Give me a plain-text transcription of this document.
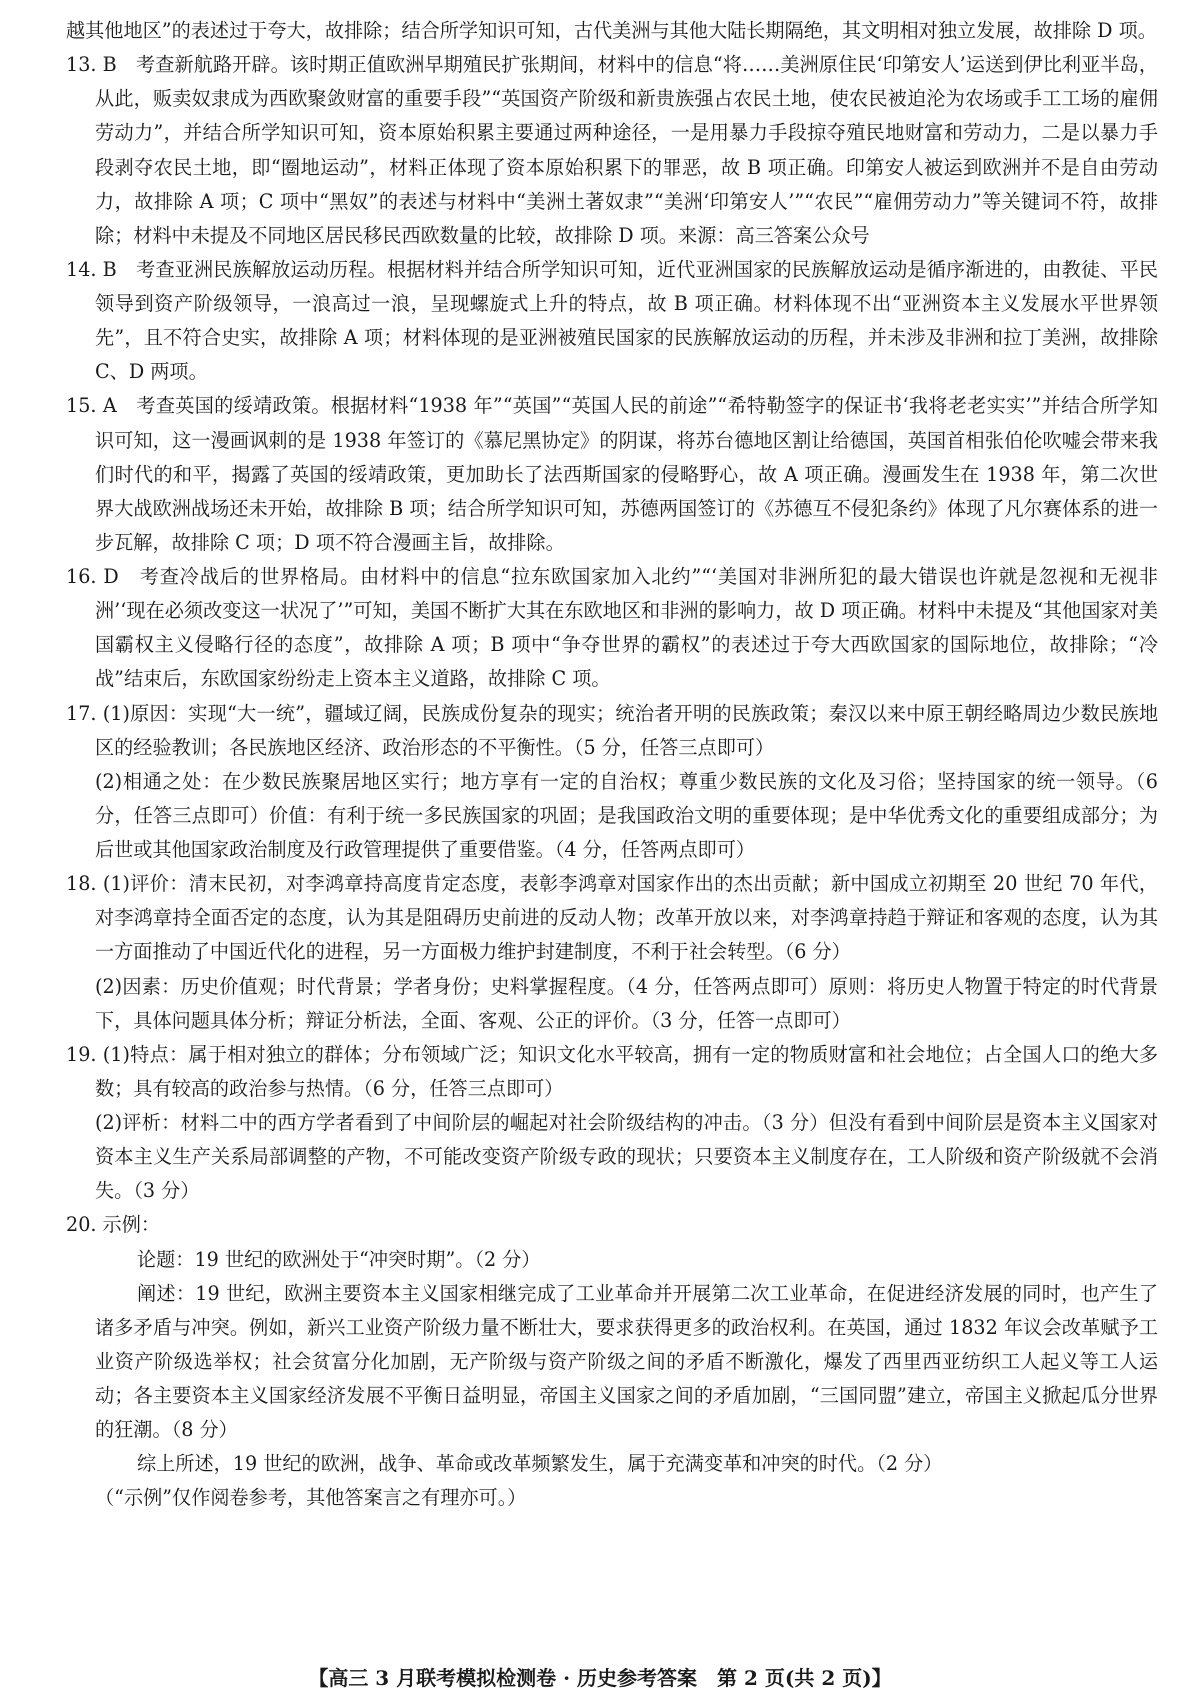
越其他地区”的表述过于夸大，故排除；结合所学知识可知，古代美洲与其他大陆长期隔绝，其文明相对独立发展，故排除 D 项。

13. B　考查新航路开辟。该时期正值欧洲早期殖民扩张期间，材料中的信息“将……美洲原住民‘印第安人’运送到伊比利亚半岛，从此，贩卖奴隶成为西欧聚敛财富的重要手段”“英国资产阶级和新贵族强占农民土地，使农民被迫沦为农场或手工工场的雇佣劳动力”，并结合所学知识可知，资本原始积累主要通过两种途径，一是用暴力手段掠夺殖民地财富和劳动力，二是以暴力手段剥夺农民土地，即“圈地运动”，材料正体现了资本原始积累下的罪恶，故 B 项正确。印第安人被运到欧洲并不是自由劳动力，故排除 A 项；C 项中“黑奴”的表述与材料中“美洲土著奴隶”“美洲‘印第安人’”“农民”“雇佣劳动力”等关键词不符，故排除；材料中未提及不同地区居民移民西欧数量的比较，故排除 D 项。来源：高三答案公众号

14. B　考查亚洲民族解放运动历程。根据材料并结合所学知识可知，近代亚洲国家的民族解放运动是循序渐进的，由教徒、平民领导到资产阶级领导，一浪高过一浪，呈现螺旋式上升的特点，故 B 项正确。材料体现不出“亚洲资本主义发展水平世界领先”，且不符合史实，故排除 A 项；材料体现的是亚洲被殖民国家的民族解放运动的历程，并未涉及非洲和拉丁美洲，故排除 C、D 两项。

15. A　考查英国的绥靖政策。根据材料“1938 年”“英国”“英国人民的前途”“希特勒签字的保证书‘我将老老实实’”并结合所学知识可知，这一漫画讽刺的是 1938 年签订的《慕尼黑协定》的阴谋，将苏台德地区割让给德国，英国首相张伯伦吹嘘会带来我们时代的和平，揭露了英国的绥靖政策，更加助长了法西斯国家的侵略野心，故 A 项正确。漫画发生在 1938 年，第二次世界大战欧洲战场还未开始，故排除 B 项；结合所学知识可知，苏德两国签订的《苏德互不侵犯条约》体现了凡尔赛体系的进一步瓦解，故排除 C 项；D 项不符合漫画主旨，故排除。

16. D　考查冷战后的世界格局。由材料中的信息“拉东欧国家加入北约”“‘美国对非洲所犯的最大错误也许就是忽视和无视非洲’‘现在必须改变这一状况了’”可知，美国不断扩大其在东欧地区和非洲的影响力，故 D 项正确。材料中未提及“其他国家对美国霸权主义侵略行径的态度”，故排除 A 项；B 项中“争夺世界的霸权”的表述过于夸大西欧国家的国际地位，故排除；“冷战”结束后，东欧国家纷纷走上资本主义道路，故排除 C 项。

17. (1)原因：实现“大一统”，疆域辽阔，民族成份复杂的现实；统治者开明的民族政策；秦汉以来中原王朝经略周边少数民族地区的经验教训；各民族地区经济、政治形态的不平衡性。（5 分，任答三点即可）

(2)相通之处：在少数民族聚居地区实行；地方享有一定的自治权；尊重少数民族的文化及习俗；坚持国家的统一领导。（6 分，任答三点即可）价值：有利于统一多民族国家的巩固；是我国政治文明的重要体现；是中华优秀文化的重要组成部分；为后世或其他国家政治制度及行政管理提供了重要借鉴。（4 分，任答两点即可）

18. (1)评价：清末民初，对李鸿章持高度肯定态度，表彰李鸿章对国家作出的杰出贡献；新中国成立初期至 20 世纪 70 年代，对李鸿章持全面否定的态度，认为其是阻碍历史前进的反动人物；改革开放以来，对李鸿章持趋于辩证和客观的态度，认为其一方面推动了中国近代化的进程，另一方面极力维护封建制度，不利于社会转型。（6 分）

(2)因素：历史价值观；时代背景；学者身份；史料掌握程度。（4 分，任答两点即可）原则：将历史人物置于特定的时代背景下，具体问题具体分析；辩证分析法，全面、客观、公正的评价。（3 分，任答一点即可）

19. (1)特点：属于相对独立的群体；分布领域广泛；知识文化水平较高，拥有一定的物质财富和社会地位；占全国人口的绝大多数；具有较高的政治参与热情。（6 分，任答三点即可）

(2)评析：材料二中的西方学者看到了中间阶层的崛起对社会阶级结构的冲击。（3 分）但没有看到中间阶层是资本主义国家对资本主义生产关系局部调整的产物，不可能改变资产阶级专政的现状；只要资本主义制度存在，工人阶级和资产阶级就不会消失。（3 分）

20. 示例：

论题：19 世纪的欧洲处于“冲突时期”。（2 分）

阐述：19 世纪，欧洲主要资本主义国家相继完成了工业革命并开展第二次工业革命，在促进经济发展的同时，也产生了诸多矛盾与冲突。例如，新兴工业资产阶级力量不断壮大，要求获得更多的政治权利。在英国，通过 1832 年议会改革赋予工业资产阶级选举权；社会贫富分化加剧，无产阶级与资产阶级之间的矛盾不断激化，爆发了西里西亚纺织工人起义等工人运动；各主要资本主义国家经济发展不平衡日益明显，帝国主义国家之间的矛盾加剧，“三国同盟”建立，帝国主义掀起瓜分世界的狂潮。（8 分）

综上所述，19 世纪的欧洲，战争、革命或改革频繁发生，属于充满变革和冲突的时代。（2 分）

（“示例”仅作阅卷参考，其他答案言之有理亦可。）

【高三 3 月联考模拟检测卷 · 历史参考答案　第 2 页(共 2 页)】
